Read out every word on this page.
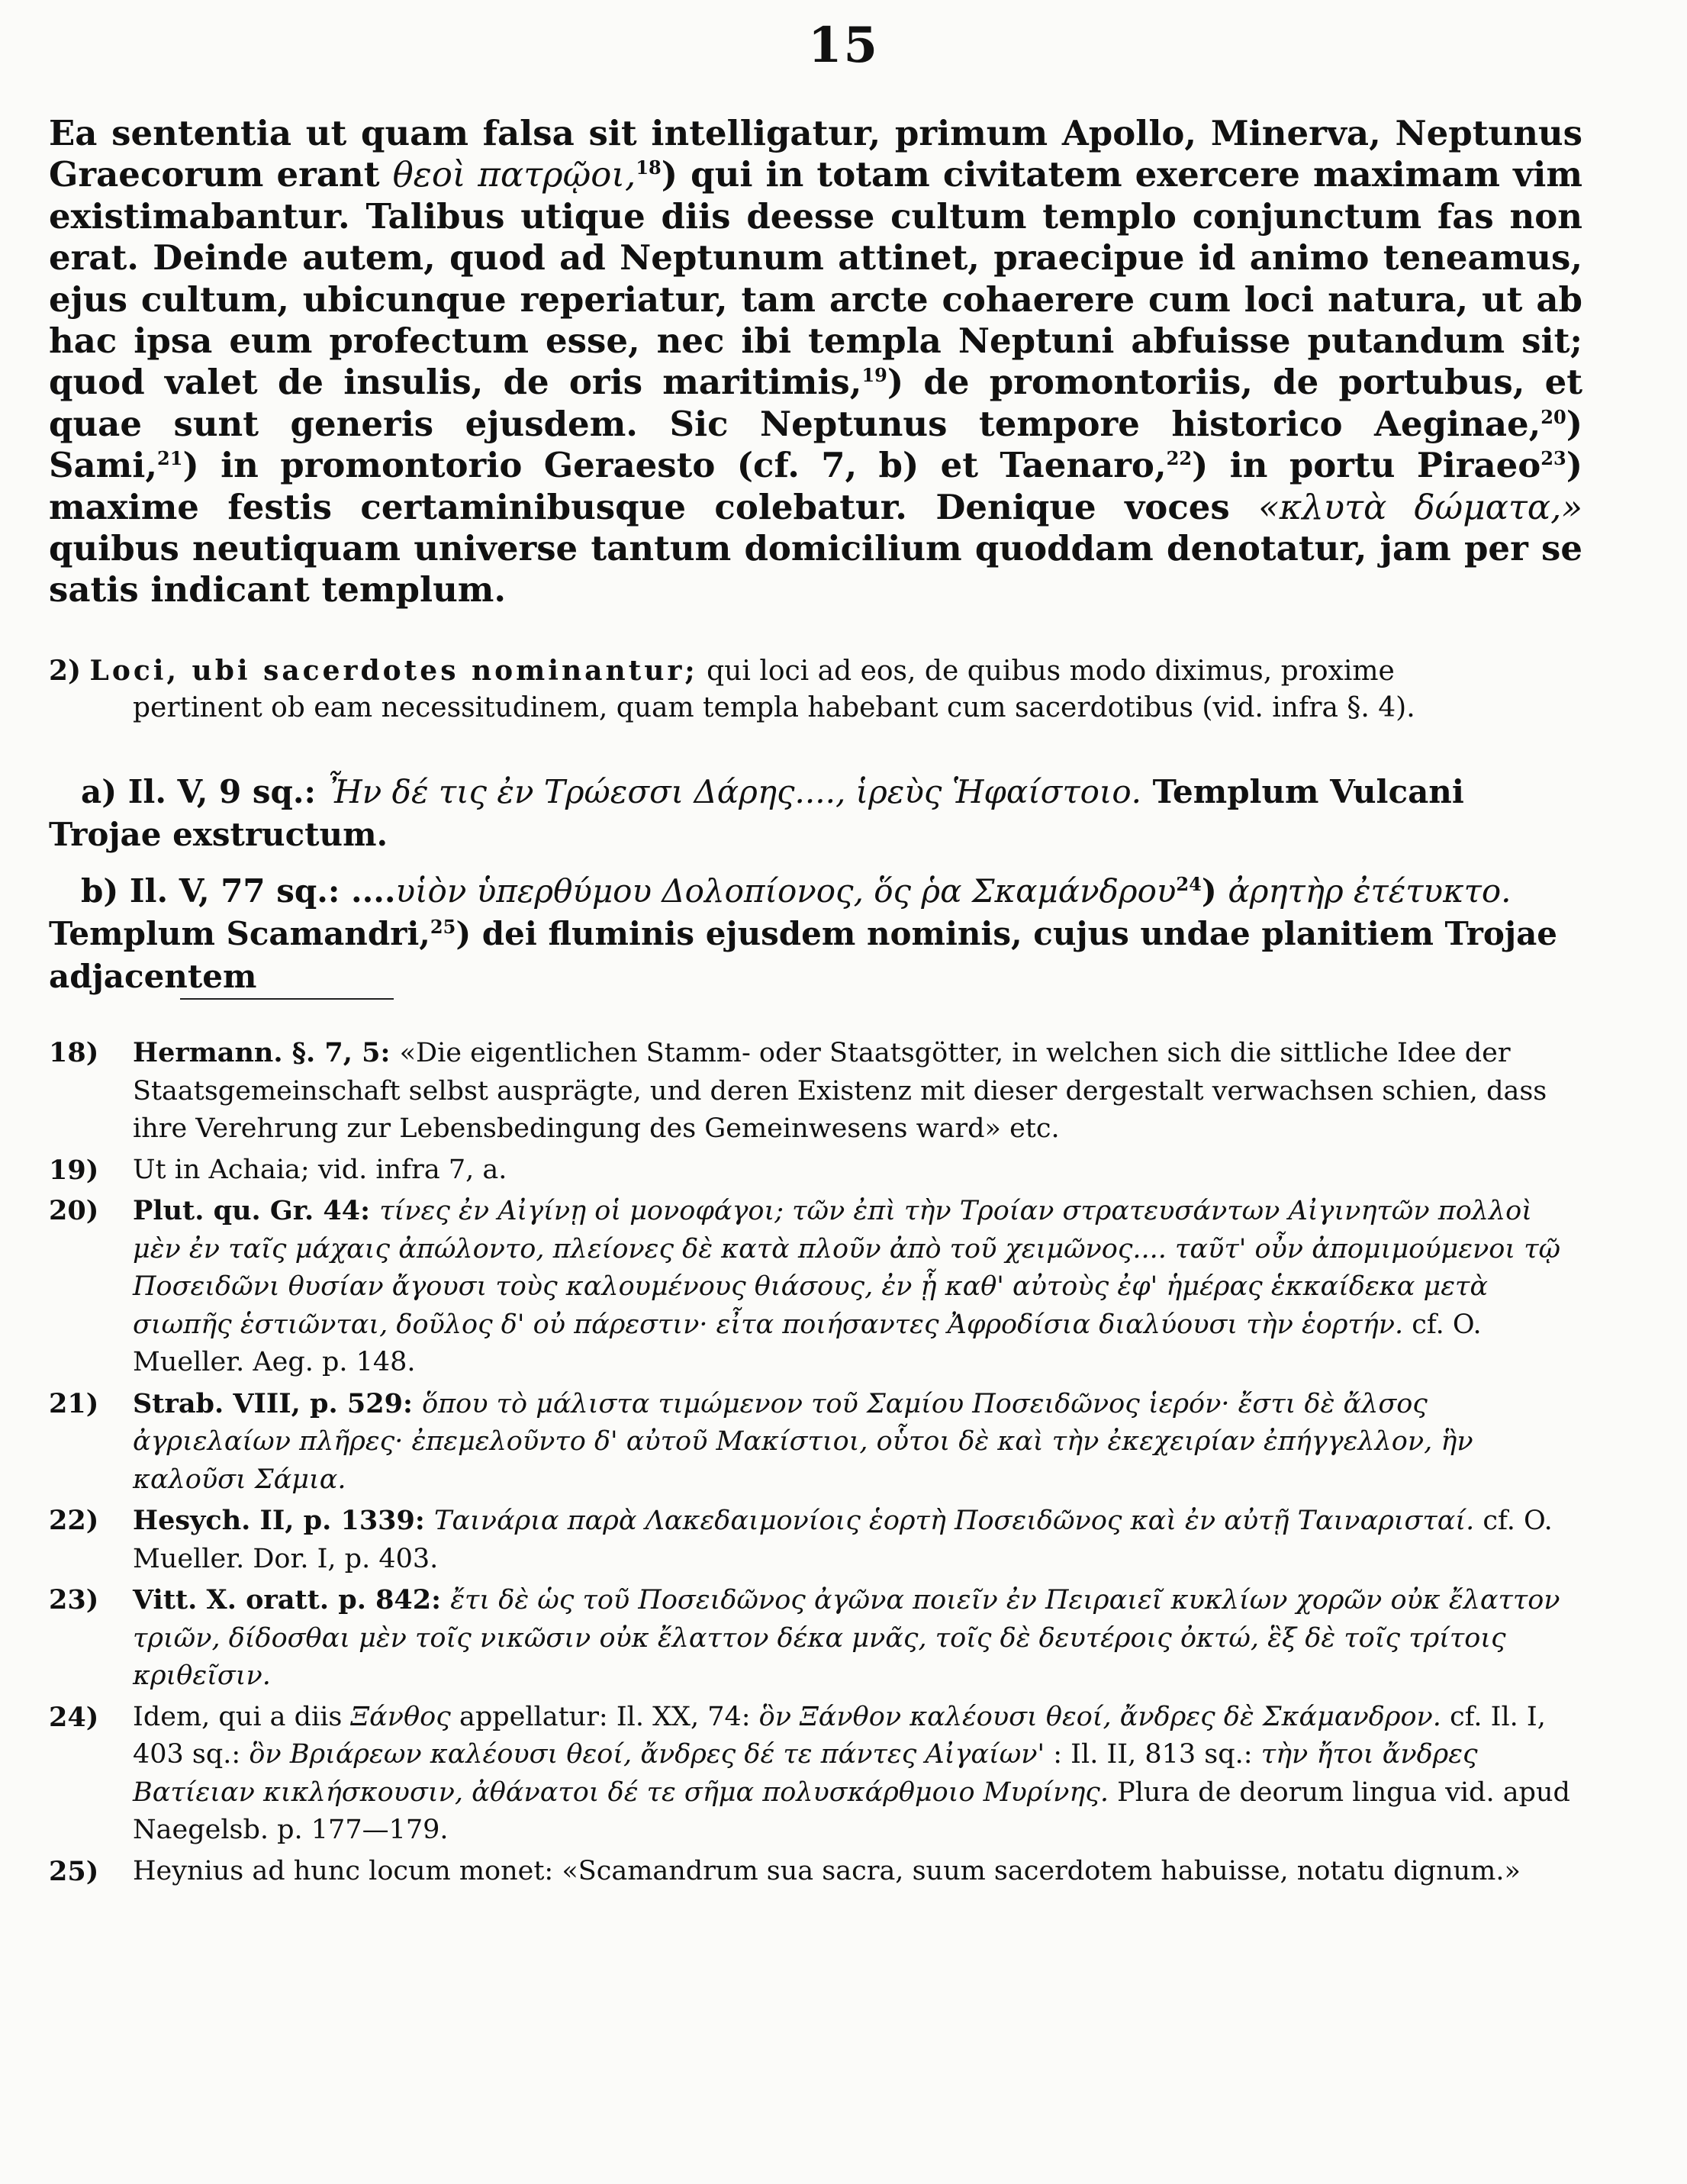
15

Ea sententia ut quam falsa sit intelligatur, primum Apollo, Minerva, Neptunus Graecorum erant θεοὶ πατρῷοι,$^{18}$) qui in totam civitatem exercere maximam vim existimabantur. Talibus utique diis deesse cultum templo conjunctum fas non erat. Deinde autem, quod ad Neptunum attinet, praecipue id animo teneamus, ejus cultum, ubicunque reperiatur, tam arcte cohaerere cum loci natura, ut ab hac ipsa eum profectum esse, nec ibi templa Neptuni abfuisse putandum sit; quod valet de insulis, de oris maritimis,$^{19}$) de promontoriis, de portubus, et quae sunt generis ejusdem. Sic Neptunus tempore historico Aeginae,$^{20}$) Sami,$^{21}$) in promontorio Geraesto (cf. 7, b) et Taenaro,$^{22}$) in portu Piraeo$^{23}$) maxime festis certaminibusque colebatur. Denique voces «κλυτὰ δώματα,» quibus neutiquam universe tantum domicilium quoddam denotatur, jam per se satis indicant templum.

2) Loci, ubi sacerdotes nominantur; qui loci ad eos, de quibus modo diximus, proxime
pertinent ob eam necessitudinem, quam templa habebant cum sacerdotibus (vid. infra §. 4).

a) Il. V, 9 sq.: Ἦν δέ τις ἐν Τρώεσσι Δάρης...., ἱρεὺς Ἡφαίστοιο. Templum Vulcani Trojae exstructum.

b) Il. V, 77 sq.: ....υἱὸν ὑπερθύμου Δολοπίονος, ὅς ῥα Σκαμάνδρου$^{24}$) ἀρητὴρ ἐτέτυκτο. Templum Scamandri,$^{25}$) dei fluminis ejusdem nominis, cujus undae planitiem Trojae adjacentem

18)	Hermann. §. 7, 5: «Die eigentlichen Stamm- oder Staatsgötter, in welchen sich die sittliche Idee der Staatsgemeinschaft selbst ausprägte, und deren Existenz mit dieser dergestalt verwachsen schien, dass ihre Verehrung zur Lebensbedingung des Gemeinwesens ward» etc.
19)	Ut in Achaia; vid. infra 7, a.
20)	Plut. qu. Gr. 44: τίνες ἐν Αἰγίνῃ οἱ μονοφάγοι; τῶν ἐπὶ τὴν Τροίαν στρατευσάντων Αἰγινητῶν πολλοὶ μὲν ἐν ταῖς μάχαις ἀπώλοντο, πλείονες δὲ κατὰ πλοῦν ἀπὸ τοῦ χειμῶνος.... ταῦτ' οὖν ἀπομιμούμενοι τῷ Ποσειδῶνι θυσίαν ἄγουσι τοὺς καλουμένους θιάσους, ἐν ᾗ καθ' αὐτοὺς ἐφ' ἡμέρας ἑκκαίδεκα μετὰ σιωπῆς ἑστιῶνται, δοῦλος δ' οὐ πάρεστιν· εἶτα ποιήσαντες Ἀφροδίσια διαλύουσι τὴν ἑορτήν. cf. O. Mueller. Aeg. p. 148.
21)	Strab. VIII, p. 529: ὅπου τὸ μάλιστα τιμώμενον τοῦ Σαμίου Ποσειδῶνος ἱερόν· ἔστι δὲ ἄλσος ἀγριελαίων πλῆρες· ἐπεμελοῦντο δ' αὐτοῦ Μακίστιοι, οὗτοι δὲ καὶ τὴν ἐκεχειρίαν ἐπήγγελλον, ἣν καλοῦσι Σάμια.
22)	Hesych. II, p. 1339: Ταινάρια παρὰ Λακεδαιμονίοις ἑορτὴ Ποσειδῶνος καὶ ἐν αὐτῇ Ταιναρισταί. cf. O. Mueller. Dor. I, p. 403.
23)	Vitt. X. oratt. p. 842: ἔτι δὲ ὡς τοῦ Ποσειδῶνος ἀγῶνα ποιεῖν ἐν Πειραιεῖ κυκλίων χορῶν οὐκ ἔλαττον τριῶν, δίδοσθαι μὲν τοῖς νικῶσιν οὐκ ἔλαττον δέκα μνᾶς, τοῖς δὲ δευτέροις ὀκτώ, ἓξ δὲ τοῖς τρίτοις κριθεῖσιν.
24)	Idem, qui a diis Ξάνθος appellatur: Il. XX, 74: ὃν Ξάνθον καλέουσι θεοί, ἄνδρες δὲ Σκάμανδρον. cf. Il. I, 403 sq.: ὃν Βριάρεων καλέουσι θεοί, ἄνδρες δέ τε πάντες Αἰγαίων' : Il. II, 813 sq.: τὴν ἤτοι ἄνδρες Βατίειαν κικλήσκουσιν, ἀθάνατοι δέ τε σῆμα πολυσκάρθμοιο Μυρίνης. Plura de deorum lingua vid. apud Naegelsb. p. 177—179.
25)	Heynius ad hunc locum monet: «Scamandrum sua sacra, suum sacerdotem habuisse, notatu dignum.»
